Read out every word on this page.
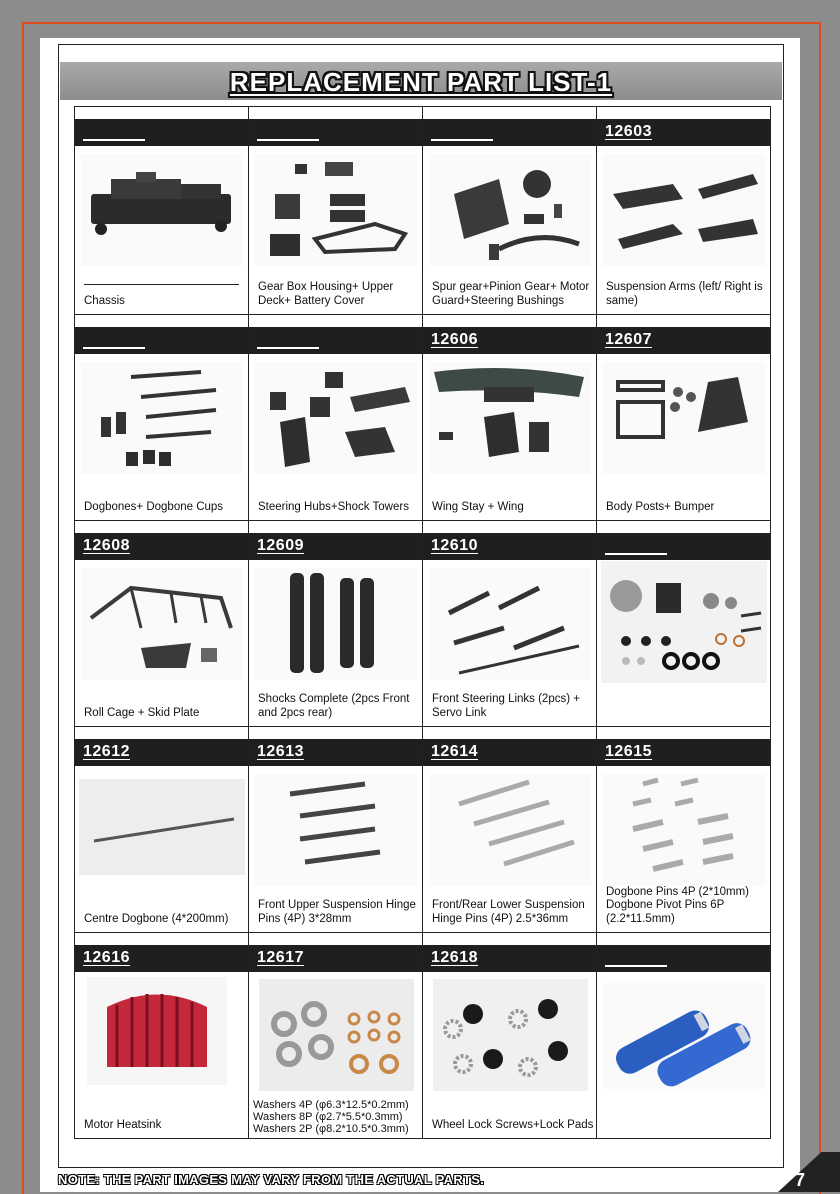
REPLACEMENT PART LIST-1
Chassis
Gear Box Housing+ Upper Deck+ Battery Cover
Spur gear+Pinion Gear+ Motor Guard+Steering Bushings
12603
Suspension Arms (left/ Right is same)
Dogbones+ Dogbone Cups	Steering Hubs+Shock Towers
12606
Wing Stay + Wing
12607
Body Posts+ Bumper
12608
Roll Cage + Skid Plate
12609
Shocks Complete (2pcs Front and 2pcs rear)
12610
Front Steering Links (2pcs) + Servo Link
12612
Centre Dogbone (4*200mm)
12613
Front Upper Suspension Hinge Pins (4P) 3*28mm
12614
Front/Rear Lower Suspension Hinge Pins (4P) 2.5*36mm
12615
Dogbone Pins 4P (2*10mm) Dogbone Pivot Pins 6P (2.2*11.5mm)
12616
Motor Heatsink
12617
Washers 4P (φ6.3*12.5*0.2mm) Washers 8P (φ2.7*5.5*0.3mm) Washers 2P (φ8.2*10.5*0.3mm)
12618
Wheel Lock Screws+Lock Pads
NOTE: THE PART IMAGES MAY VARY FROM THE ACTUAL PARTS.	7
